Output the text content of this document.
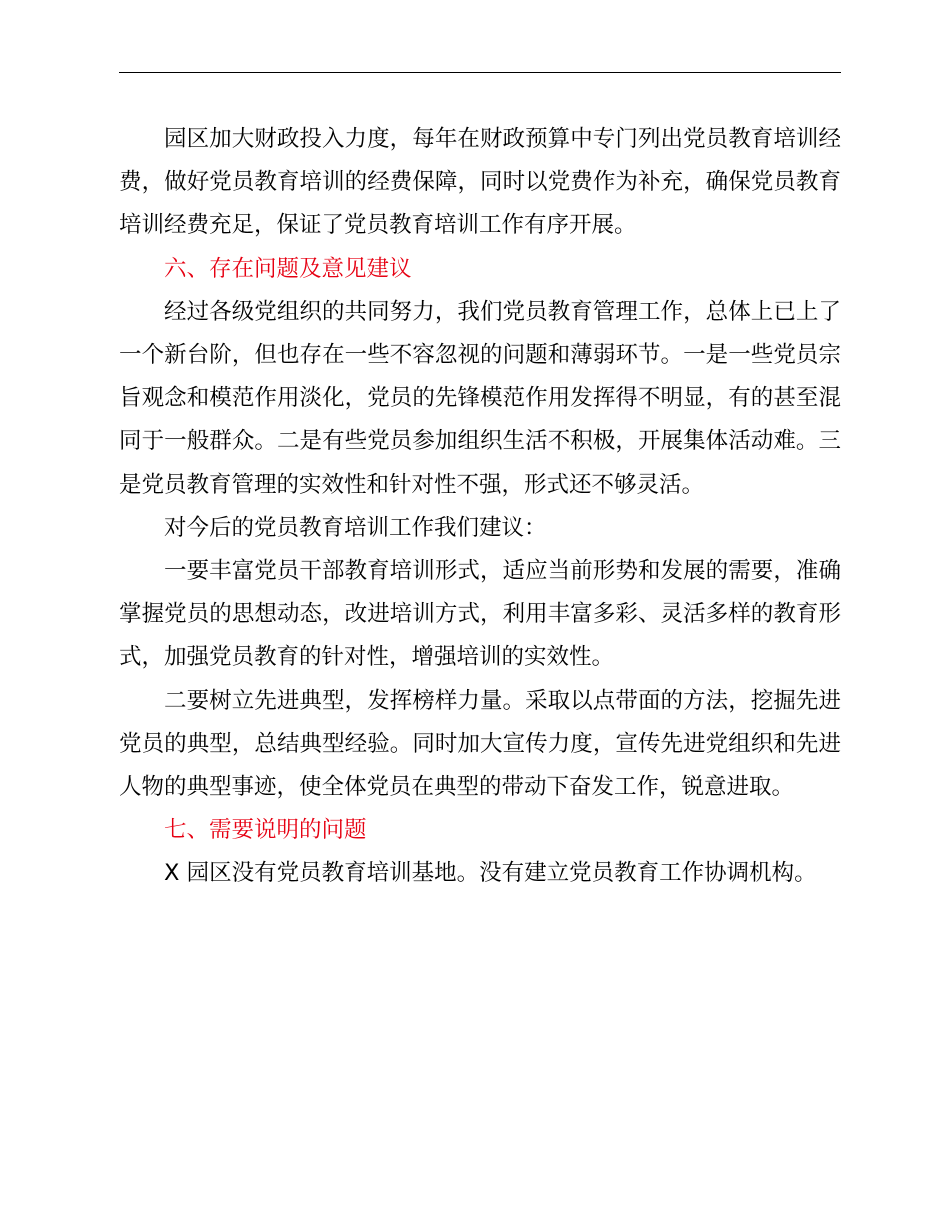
园区加大财政投入力度，每年在财政预算中专门列出党员教育培训经费，做好党员教育培训的经费保障，同时以党费作为补充，确保党员教育培训经费充足，保证了党员教育培训工作有序开展。

六、存在问题及意见建议

经过各级党组织的共同努力，我们党员教育管理工作，总体上已上了一个新台阶，但也存在一些不容忽视的问题和薄弱环节。一是一些党员宗旨观念和模范作用淡化，党员的先锋模范作用发挥得不明显，有的甚至混同于一般群众。二是有些党员参加组织生活不积极，开展集体活动难。三是党员教育管理的实效性和针对性不强，形式还不够灵活。

对今后的党员教育培训工作我们建议：

一要丰富党员干部教育培训形式，适应当前形势和发展的需要，准确掌握党员的思想动态，改进培训方式，利用丰富多彩、灵活多样的教育形式，加强党员教育的针对性，增强培训的实效性。

二要树立先进典型，发挥榜样力量。采取以点带面的方法，挖掘先进党员的典型，总结典型经验。同时加大宣传力度，宣传先进党组织和先进人物的典型事迹，使全体党员在典型的带动下奋发工作，锐意进取。

七、需要说明的问题

X 园区没有党员教育培训基地。没有建立党员教育工作协调机构。
